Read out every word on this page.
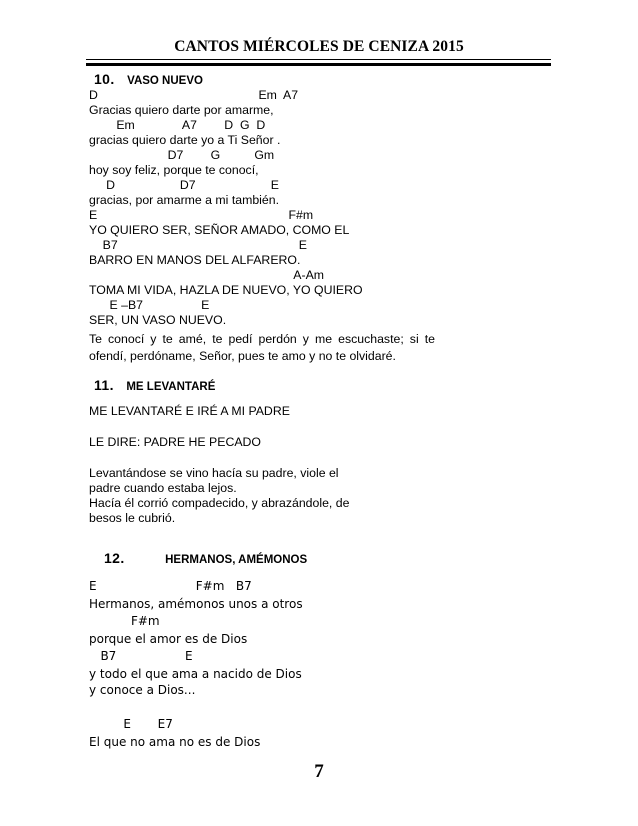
CANTOS MIÉRCOLES DE CENIZA 2015
10. VASO NUEVO
D                                               Em  A7
Gracias quiero darte por amarme,
Em              A7        D  G  D
gracias quiero darte yo a Ti Señor .
D7        G          Gm
hoy soy feliz, porque te conocí,
D                   D7                      E
gracias, por amarme a mi también.
E                                                        F#m
YO QUIERO SER, SEÑOR AMADO, COMO EL
B7                                                     E
BARRO EN MANOS DEL ALFARERO.
A-Am
TOMA MI VIDA, HAZLA DE NUEVO, YO QUIERO
E –B7                 E
SER, UN VASO NUEVO.
Te conocí y te amé, te pedí perdón y me escuchaste; si te ofendí, perdóname, Señor, pues te amo y no te olvidaré.
11. ME LEVANTARÉ
ME LEVANTARÉ E IRÉ A MI PADRE
LE DIRE: PADRE HE PECADO
Levantándose se vino hacía su padre, viole el
padre cuando estaba lejos.
Hacía él corrió compadecido, y abrazándole, de
besos le cubrió.
12.	HERMANOS, AMÉMONOS
E                          F#m   B7
Hermanos, amémonos unos a otros
F#m
porque el amor es de Dios
B7                  E
y todo el que ama a nacido de Dios
y conoce a Dios...
E       E7
El que no ama no es de Dios
7
